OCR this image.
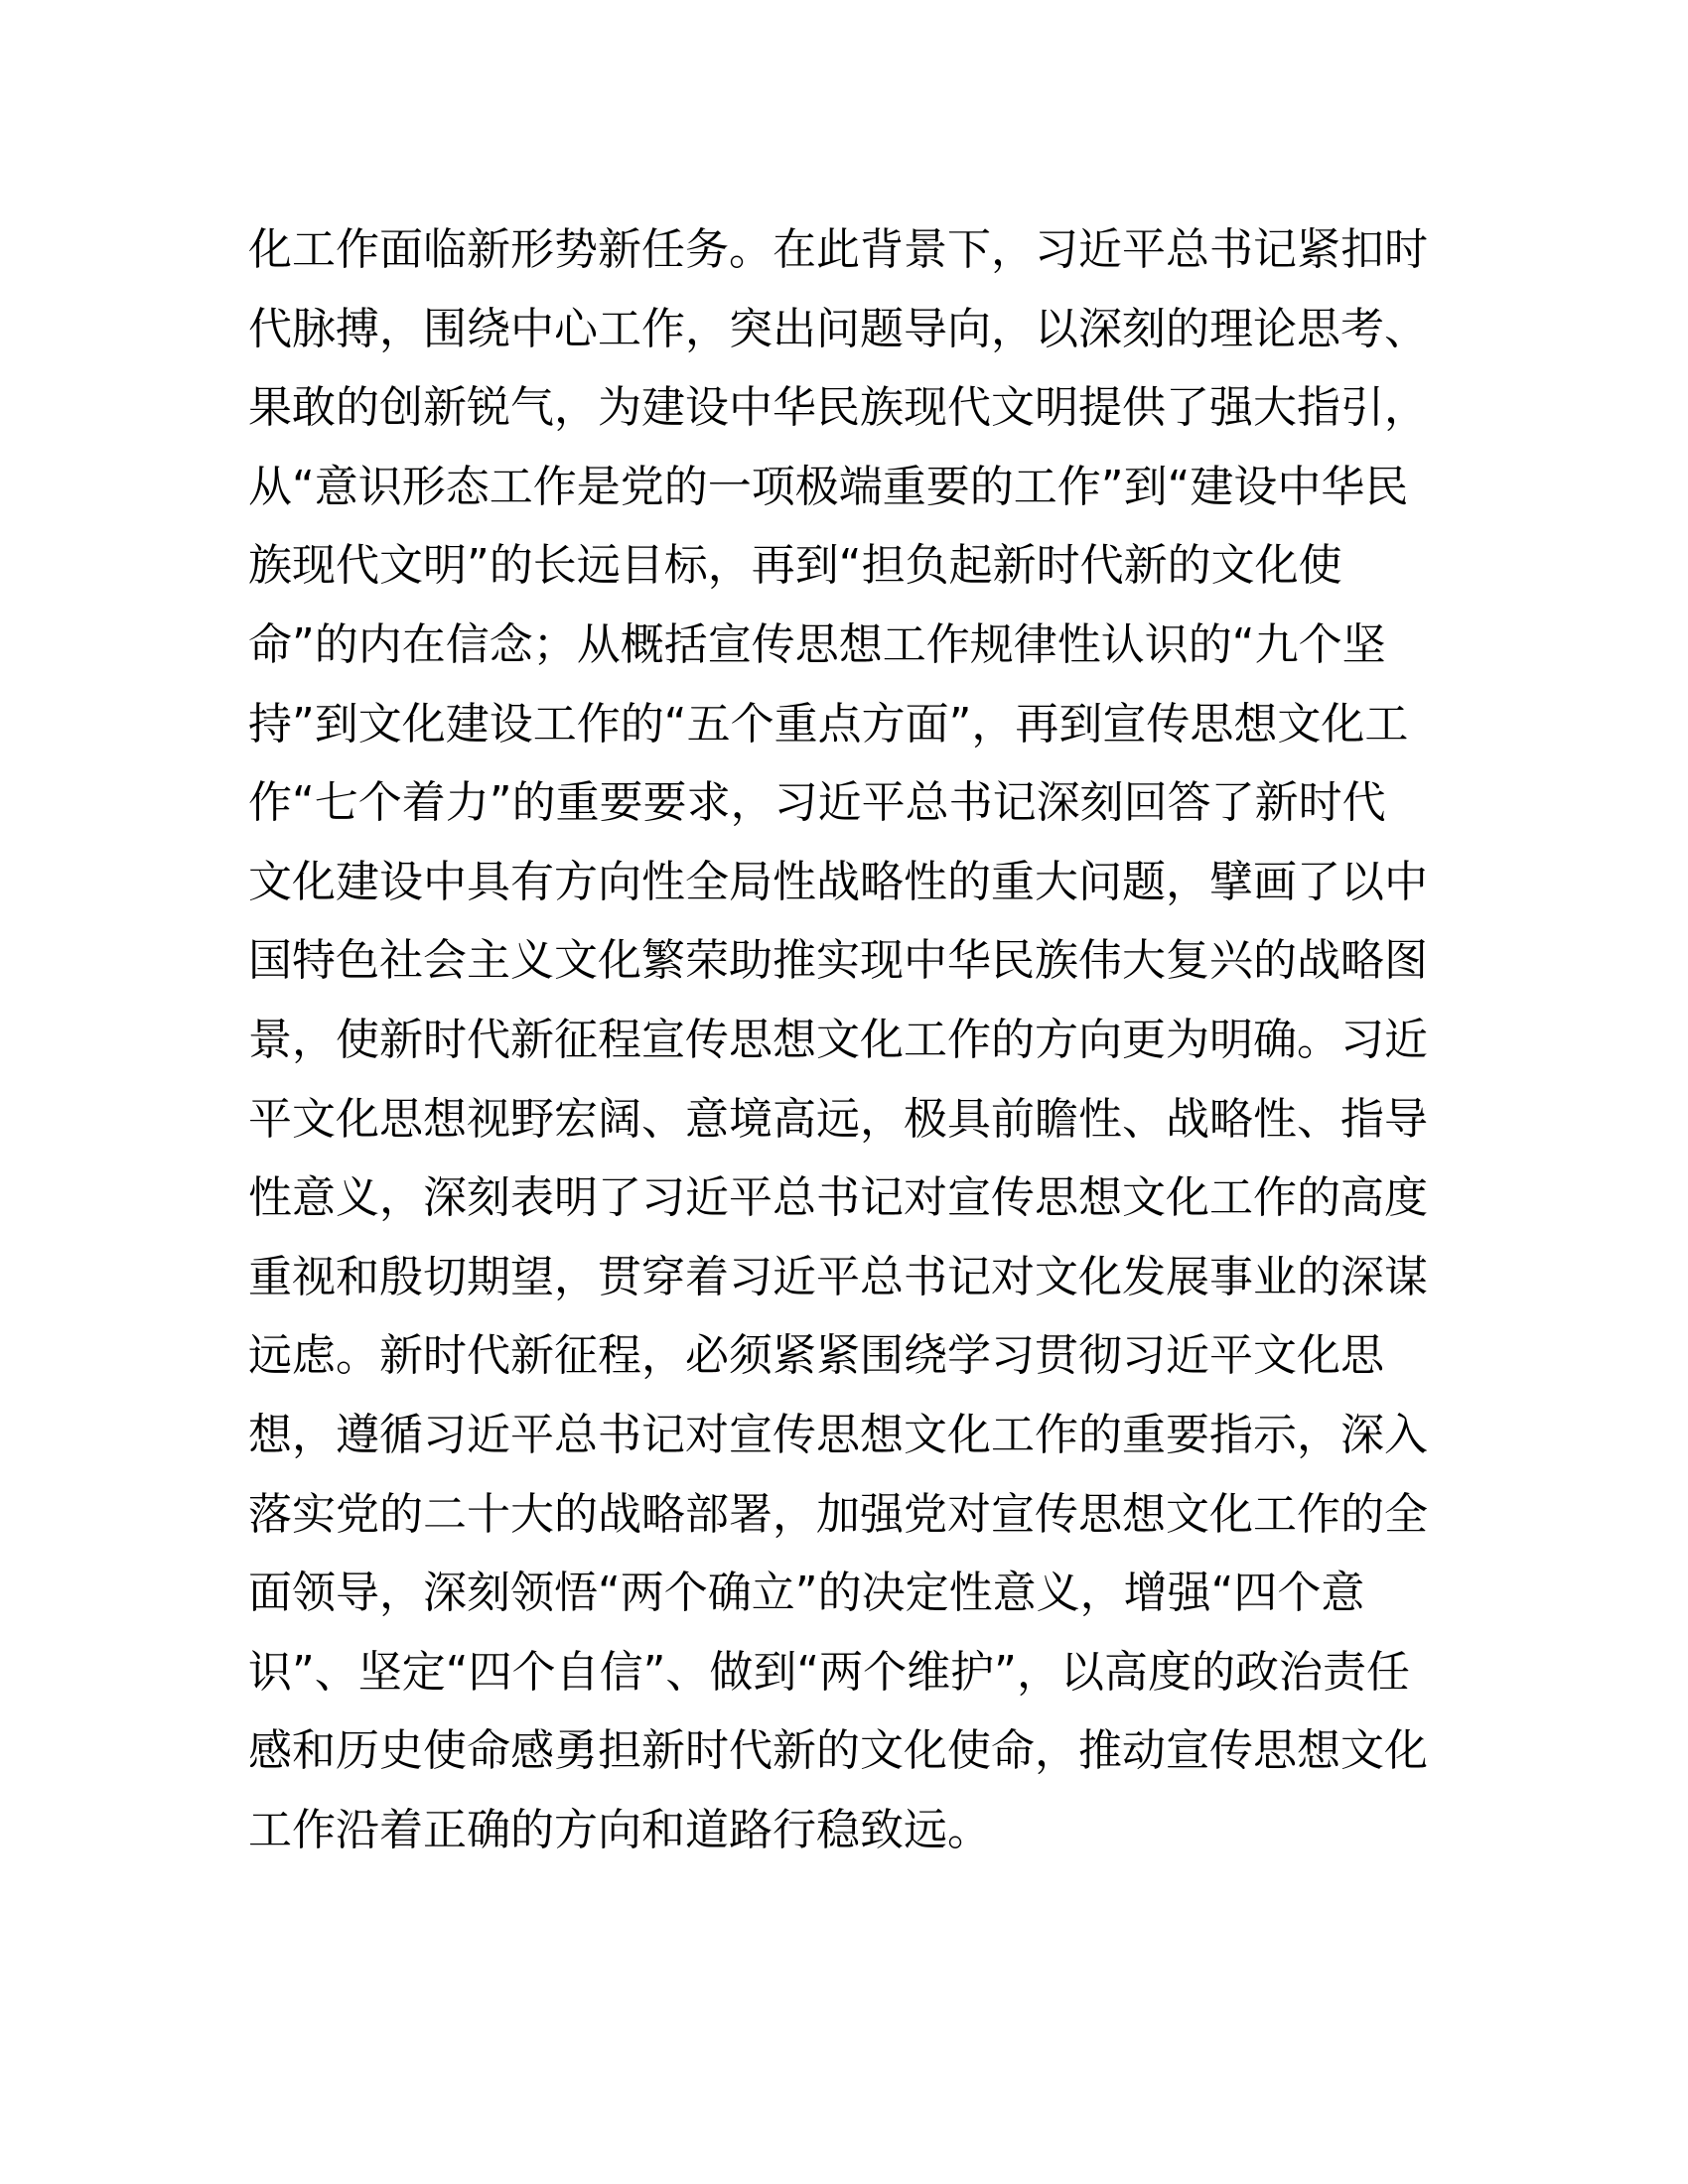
化工作面临新形势新任务。在此背景下，习近平总书记紧扣时
代脉搏，围绕中心工作，突出问题导向，以深刻的理论思考、
果敢的创新锐气，为建设中华民族现代文明提供了强大指引，
从“意识形态工作是党的一项极端重要的工作”到“建设中华民
族现代文明”的长远目标，再到“担负起新时代新的文化使
命”的内在信念；从概括宣传思想工作规律性认识的“九个坚
持”到文化建设工作的“五个重点方面”，再到宣传思想文化工
作“七个着力”的重要要求，习近平总书记深刻回答了新时代
文化建设中具有方向性全局性战略性的重大问题，擘画了以中
国特色社会主义文化繁荣助推实现中华民族伟大复兴的战略图
景，使新时代新征程宣传思想文化工作的方向更为明确。习近
平文化思想视野宏阔、意境高远，极具前瞻性、战略性、指导
性意义，深刻表明了习近平总书记对宣传思想文化工作的高度
重视和殷切期望，贯穿着习近平总书记对文化发展事业的深谋
远虑。新时代新征程，必须紧紧围绕学习贯彻习近平文化思
想，遵循习近平总书记对宣传思想文化工作的重要指示，深入
落实党的二十大的战略部署，加强党对宣传思想文化工作的全
面领导，深刻领悟“两个确立”的决定性意义，增强“四个意
识”、坚定“四个自信”、做到“两个维护”，以高度的政治责任
感和历史使命感勇担新时代新的文化使命，推动宣传思想文化
工作沿着正确的方向和道路行稳致远。
